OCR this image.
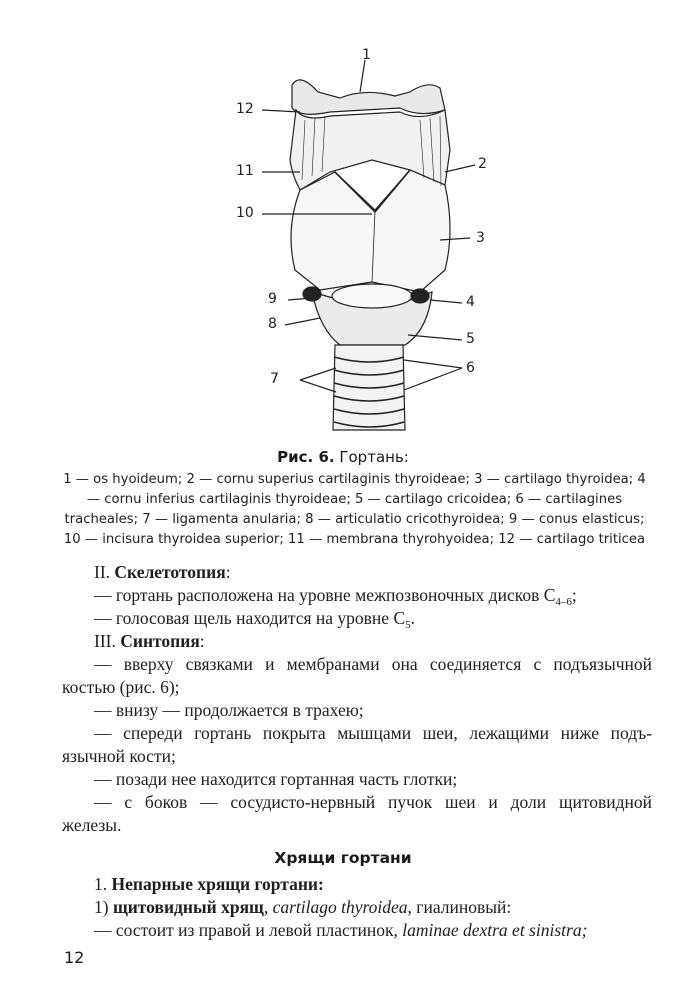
1
2
3
4
5
6
7
8
9
10
11
12
Рис. 6. Гортань:
1 — os hyoideum; 2 — cornu superius cartilaginis thyroideae; 3 — cartilago thyroidea; 4 — cornu inferius cartilaginis thyroideae; 5 — cartilago cricoidea; 6 — cartilagines tracheales; 7 — ligamenta anularia; 8 — articulatio cricothyroidea; 9 — conus elasticus; 10 — incisura thyroidea superior; 11 — membrana thyrohyoidea; 12 — cartilago triticea
II. Скелетотопия:
— гортань расположена на уровне межпозвоночных дисков $С_{4-6}$;
— голосовая щель находится на уровне $С_5$.
III. Синтопия:
— вверху связками и мембранами она соединяется с подъязычной
костью (рис. 6);
— внизу — продолжается в трахею;
— спереди гортань покрыта мышцами шеи, лежащими ниже подъ-
язычной кости;
— позади нее находится гортанная часть глотки;
— с боков — сосудисто-нервный пучок шеи и доли щитовидной
железы.
Хрящи гортани
1. Непарные хрящи гортани:
1) щитовидный хрящ, cartilago thyroidea, гиалиновый:
— состоит из правой и левой пластинок, laminae dextra et sinistra;
12
